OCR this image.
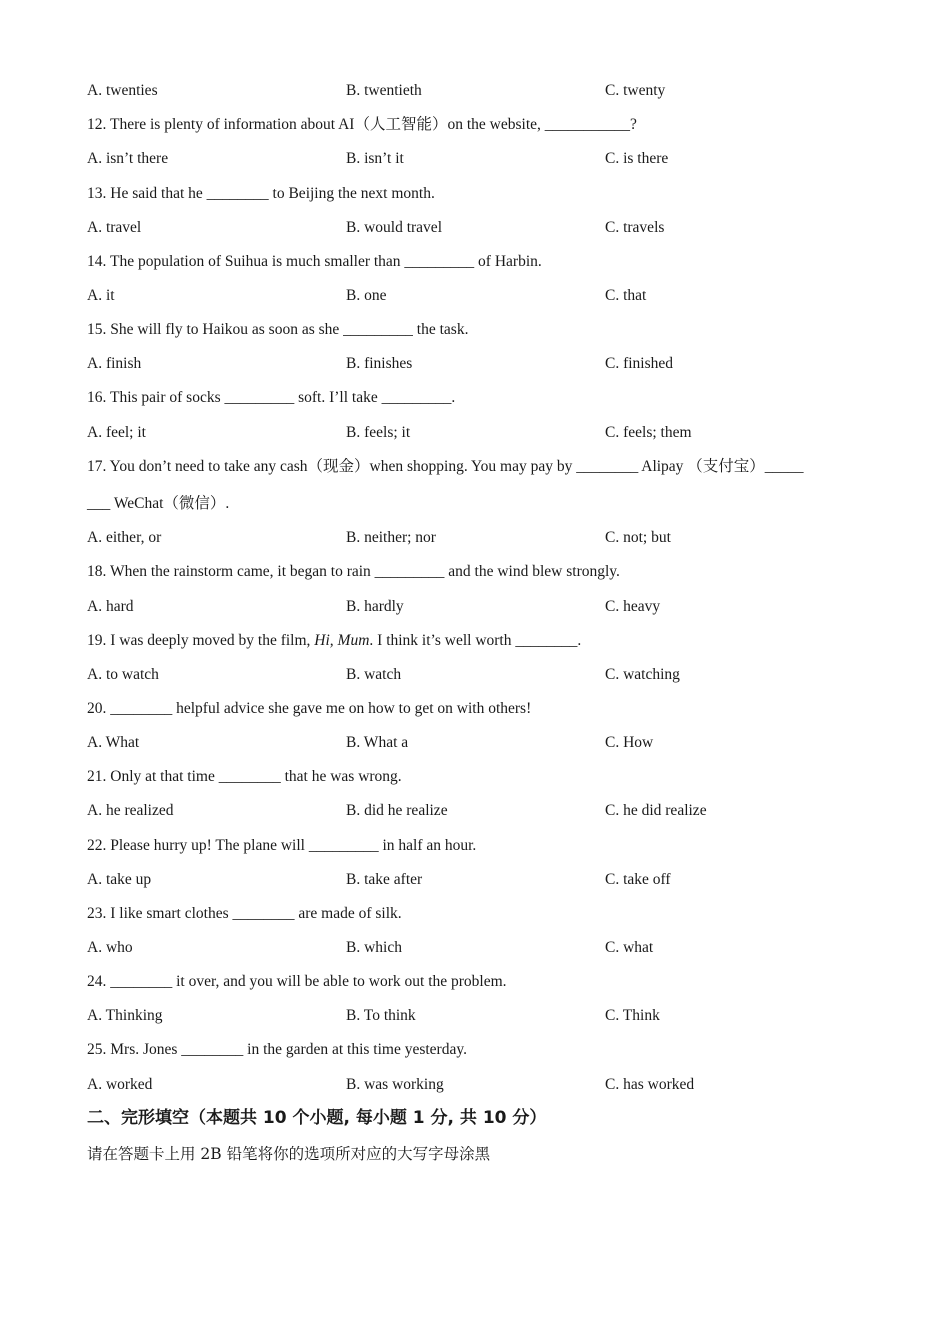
A. twenties	B. twentieth	C. twenty
12. There is plenty of information about AI（人工智能）on the website, ___________?
A. isn’t there	B. isn’t it	C. is there
13. He said that he ________ to Beijing the next month.
A. travel	B. would travel	C. travels
14. The population of Suihua is much smaller than _________ of Harbin.
A. it	B. one	C. that
15. She will fly to Haikou as soon as she _________ the task.
A. finish	B. finishes	C. finished
16. This pair of socks _________ soft. I’ll take _________.
A. feel; it	B. feels; it	C. feels; them
17. You don’t need to take any cash（现金）when shopping. You may pay by ________ Alipay （支付宝）_____
___ WeChat（微信）.
A. either, or	B. neither; nor	C. not; but
18. When the rainstorm came, it began to rain _________ and the wind blew strongly.
A. hard	B. hardly	C. heavy
19. I was deeply moved by the film, Hi, Mum. I think it’s well worth ________.
A. to watch	B. watch	C. watching
20. ________ helpful advice she gave me on how to get on with others!
A. What	B. What a	C. How
21. Only at that time ________ that he was wrong.
A. he realized	B. did he realize	C. he did realize
22. Please hurry up! The plane will _________ in half an hour.
A. take up	B. take after	C. take off
23. I like smart clothes ________ are made of silk.
A. who	B. which	C. what
24. ________ it over, and you will be able to work out the problem.
A. Thinking	B. To think	C. Think
25. Mrs. Jones ________ in the garden at this time yesterday.
A. worked	B. was working	C. has worked
二、完形填空（本题共 10 个小题, 每小题 1 分, 共 10 分）
请在答题卡上用 2B 铅笔将你的选项所对应的大写字母涂黑
